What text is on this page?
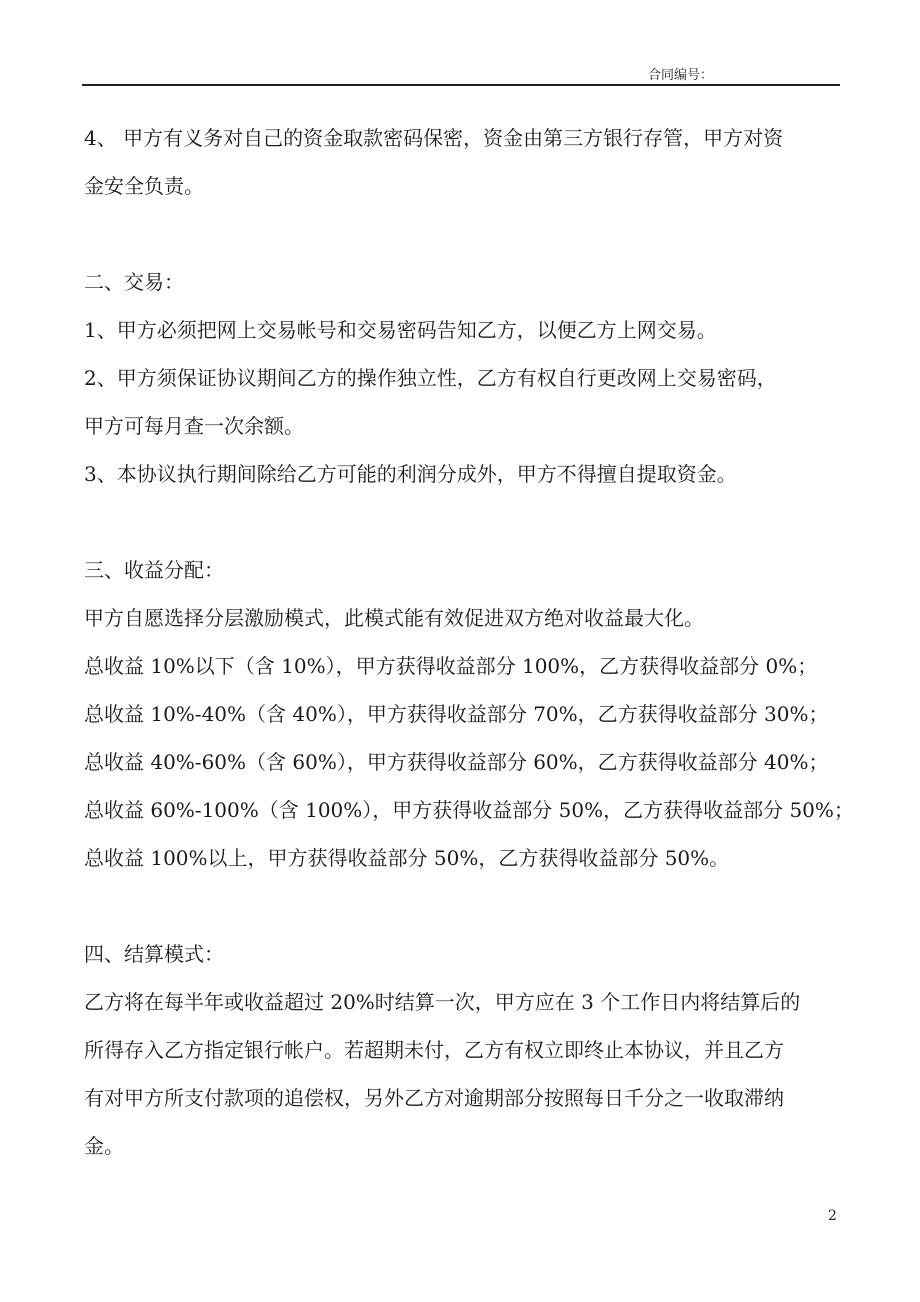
合同编号：
4、 甲方有义务对自己的资金取款密码保密，资金由第三方银行存管，甲方对资
金安全负责。
二、交易：
1、甲方必须把网上交易帐号和交易密码告知乙方，以便乙方上网交易。
2、甲方须保证协议期间乙方的操作独立性，乙方有权自行更改网上交易密码，
甲方可每月查一次余额。
3、本协议执行期间除给乙方可能的利润分成外，甲方不得擅自提取资金。
三、收益分配：
甲方自愿选择分层激励模式，此模式能有效促进双方绝对收益最大化。
总收益 10%以下（含 10%），甲方获得收益部分 100%，乙方获得收益部分 0%；
总收益 10%-40%（含 40%），甲方获得收益部分 70%，乙方获得收益部分 30%；
总收益 40%-60%（含 60%），甲方获得收益部分 60%，乙方获得收益部分 40%；
总收益 60%-100%（含 100%），甲方获得收益部分 50%，乙方获得收益部分 50%；
总收益 100%以上，甲方获得收益部分 50%，乙方获得收益部分 50%。
四、结算模式：
乙方将在每半年或收益超过 20%时结算一次，甲方应在 3 个工作日内将结算后的
所得存入乙方指定银行帐户。若超期未付，乙方有权立即终止本协议，并且乙方
有对甲方所支付款项的追偿权，另外乙方对逾期部分按照每日千分之一收取滞纳
金。
2
